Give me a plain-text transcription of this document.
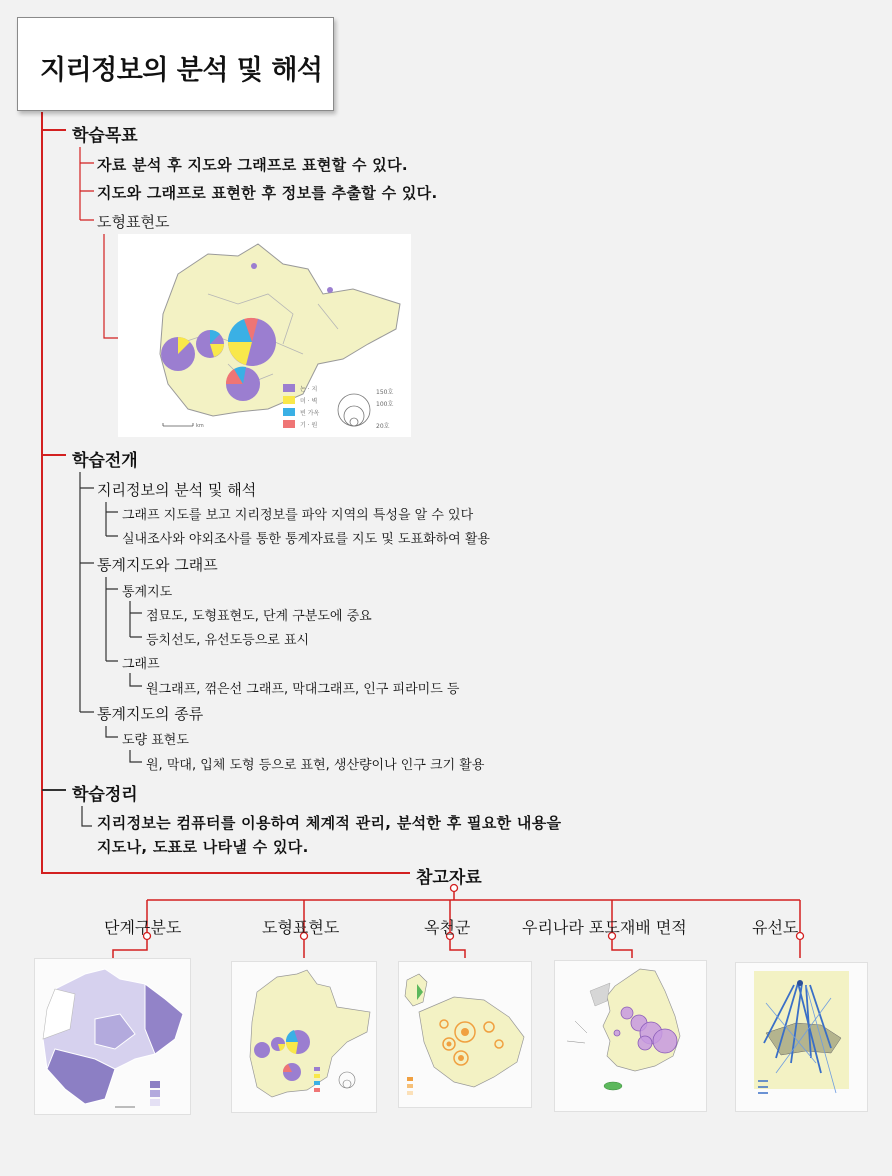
지리정보의 분석 및 해석
학습목표
자료 분석 후 지도와 그래프로 표현할 수 있다.
지도와 그래프로 표현한 후 정보를 추출할 수 있다.
도형표현도
논 · 지
미 · 벽
빈 가옥
기 · 원
150호
100호
20호
km
학습전개
지리정보의 분석 및 해석
그래프 지도를 보고 지리정보를 파악 지역의 특성을 알 수 있다
실내조사와 야외조사를 통한 통계자료를 지도 및 도표화하여 활용
통계지도와 그래프
통계지도
점묘도, 도형표현도, 단계 구분도에 중요
등치선도, 유선도등으로 표시
그래프
원그래프, 꺾은선 그래프, 막대그래프, 인구 피라미드 등
통계지도의 종류
도량 표현도
원, 막대, 입체 도형 등으로 표현, 생산량이나 인구 크기 활용
학습정리
지리정보는 컴퓨터를 이용하여 체계적 관리, 분석한 후 필요한 내용을
지도나, 도표로 나타낼 수 있다.
참고자료
단계구분도	도형표현도	옥천군	우리나라 포도재배 면적	유선도
